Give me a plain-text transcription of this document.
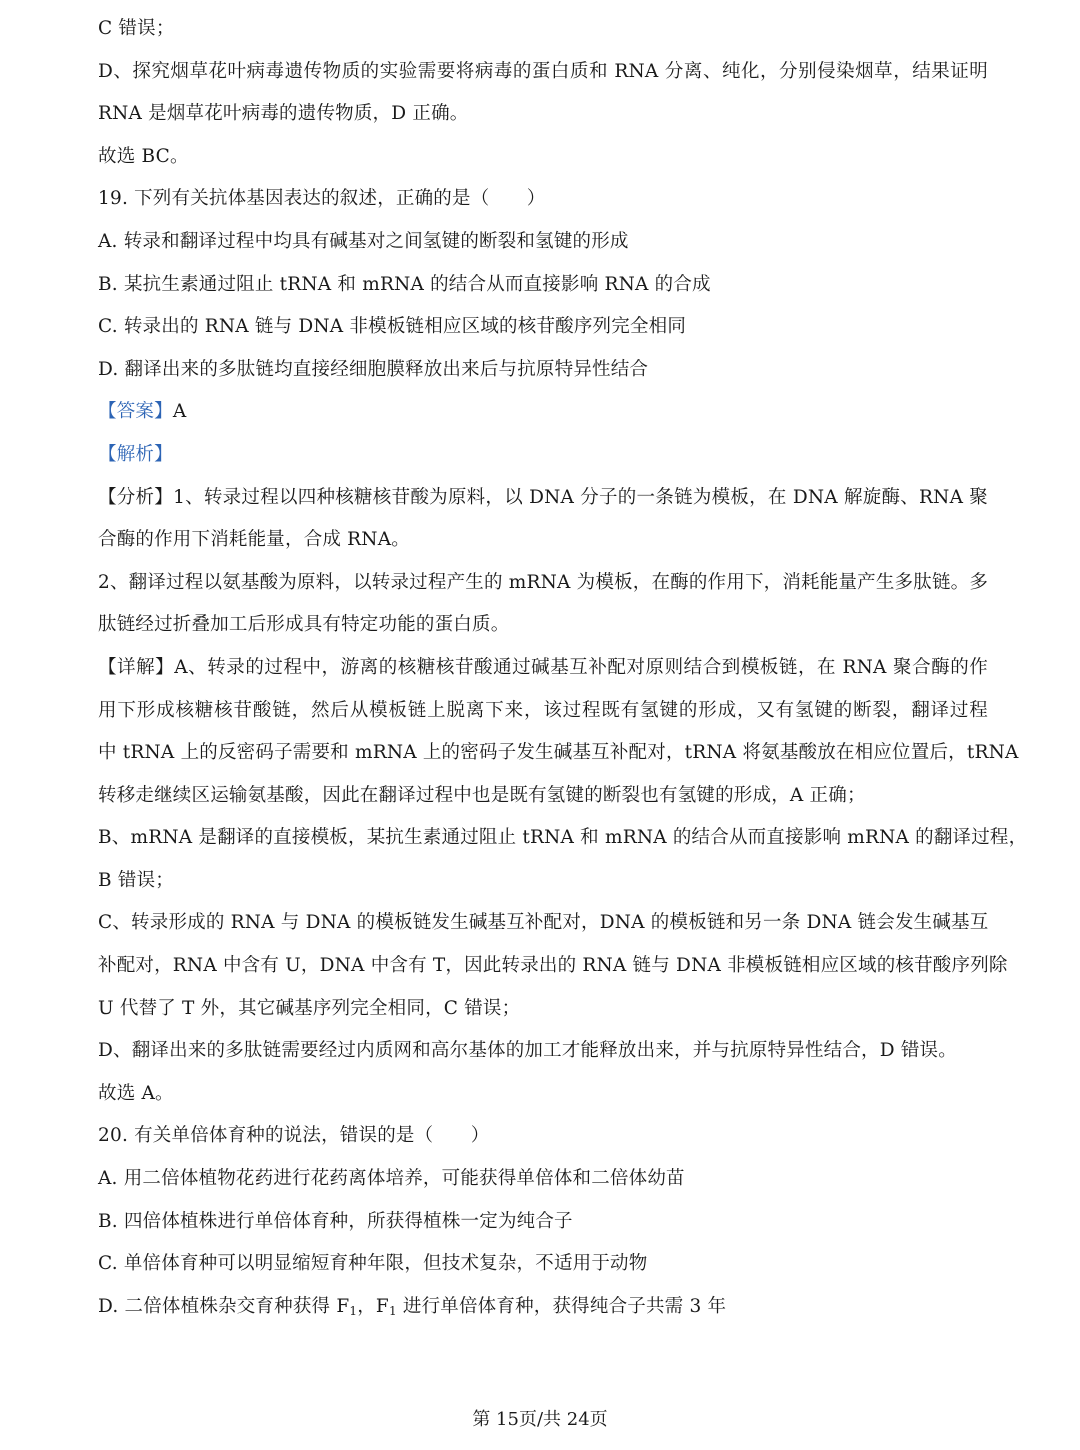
C 错误；
D、探究烟草花叶病毒遗传物质的实验需要将病毒的蛋白质和 RNA 分离、纯化，分别侵染烟草，结果证明
RNA 是烟草花叶病毒的遗传物质，D 正确。
故选 BC。
19. 下列有关抗体基因表达的叙述，正确的是（　　）
A. 转录和翻译过程中均具有碱基对之间氢键的断裂和氢键的形成
B. 某抗生素通过阻止 tRNA 和 mRNA 的结合从而直接影响 RNA 的合成
C. 转录出的 RNA 链与 DNA 非模板链相应区域的核苷酸序列完全相同
D. 翻译出来的多肽链均直接经细胞膜释放出来后与抗原特异性结合
【答案】A
【解析】
【分析】1、转录过程以四种核糖核苷酸为原料，以 DNA 分子的一条链为模板，在 DNA 解旋酶、RNA 聚
合酶的作用下消耗能量，合成 RNA。
2、翻译过程以氨基酸为原料，以转录过程产生的 mRNA 为模板，在酶的作用下，消耗能量产生多肽链。多
肽链经过折叠加工后形成具有特定功能的蛋白质。
【详解】A、转录的过程中，游离的核糖核苷酸通过碱基互补配对原则结合到模板链，在 RNA 聚合酶的作
用下形成核糖核苷酸链，然后从模板链上脱离下来，该过程既有氢键的形成，又有氢键的断裂，翻译过程
中 tRNA 上的反密码子需要和 mRNA 上的密码子发生碱基互补配对，tRNA 将氨基酸放在相应位置后，tRNA
转移走继续区运输氨基酸，因此在翻译过程中也是既有氢键的断裂也有氢键的形成，A 正确；
B、mRNA 是翻译的直接模板，某抗生素通过阻止 tRNA 和 mRNA 的结合从而直接影响 mRNA 的翻译过程，
B 错误；
C、转录形成的 RNA 与 DNA 的模板链发生碱基互补配对，DNA 的模板链和另一条 DNA 链会发生碱基互
补配对，RNA 中含有 U，DNA 中含有 T，因此转录出的 RNA 链与 DNA 非模板链相应区域的核苷酸序列除
U 代替了 T 外，其它碱基序列完全相同，C 错误；
D、翻译出来的多肽链需要经过内质网和高尔基体的加工才能释放出来，并与抗原特异性结合，D 错误。
故选 A。
20. 有关单倍体育种的说法，错误的是（　　）
A. 用二倍体植物花药进行花药离体培养，可能获得单倍体和二倍体幼苗
B. 四倍体植株进行单倍体育种，所获得植株一定为纯合子
C. 单倍体育种可以明显缩短育种年限，但技术复杂，不适用于动物
D. 二倍体植株杂交育种获得 $F_1$，$F_1$ 进行单倍体育种，获得纯合子共需 3 年
第 15页/共 24页
